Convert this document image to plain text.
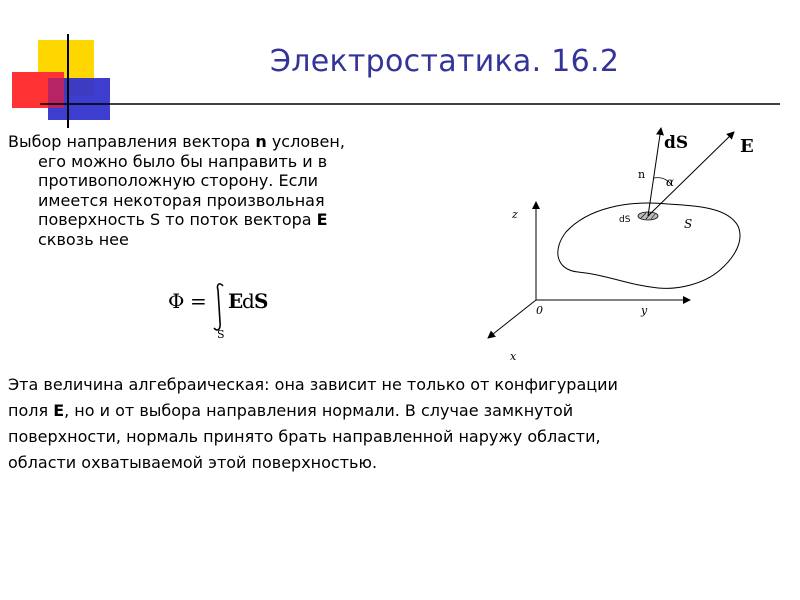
Электростатика. 16.2
Выбор направления вектора n условен,
его можно было бы направить и в
противоположную сторону. Если
имеется некоторая произвольная
поверхность S то поток вектора E
сквозь нее
Φ = E
d S
S
dS	E
n
α
dS	S
z
0	y
x
Эта величина алгебраическая: она зависит не только от конфигурации
поля E, но и от выбора направления нормали. В случае замкнутой
поверхности, нормаль принято брать направленной наружу области,
области охватываемой этой поверхностью.
